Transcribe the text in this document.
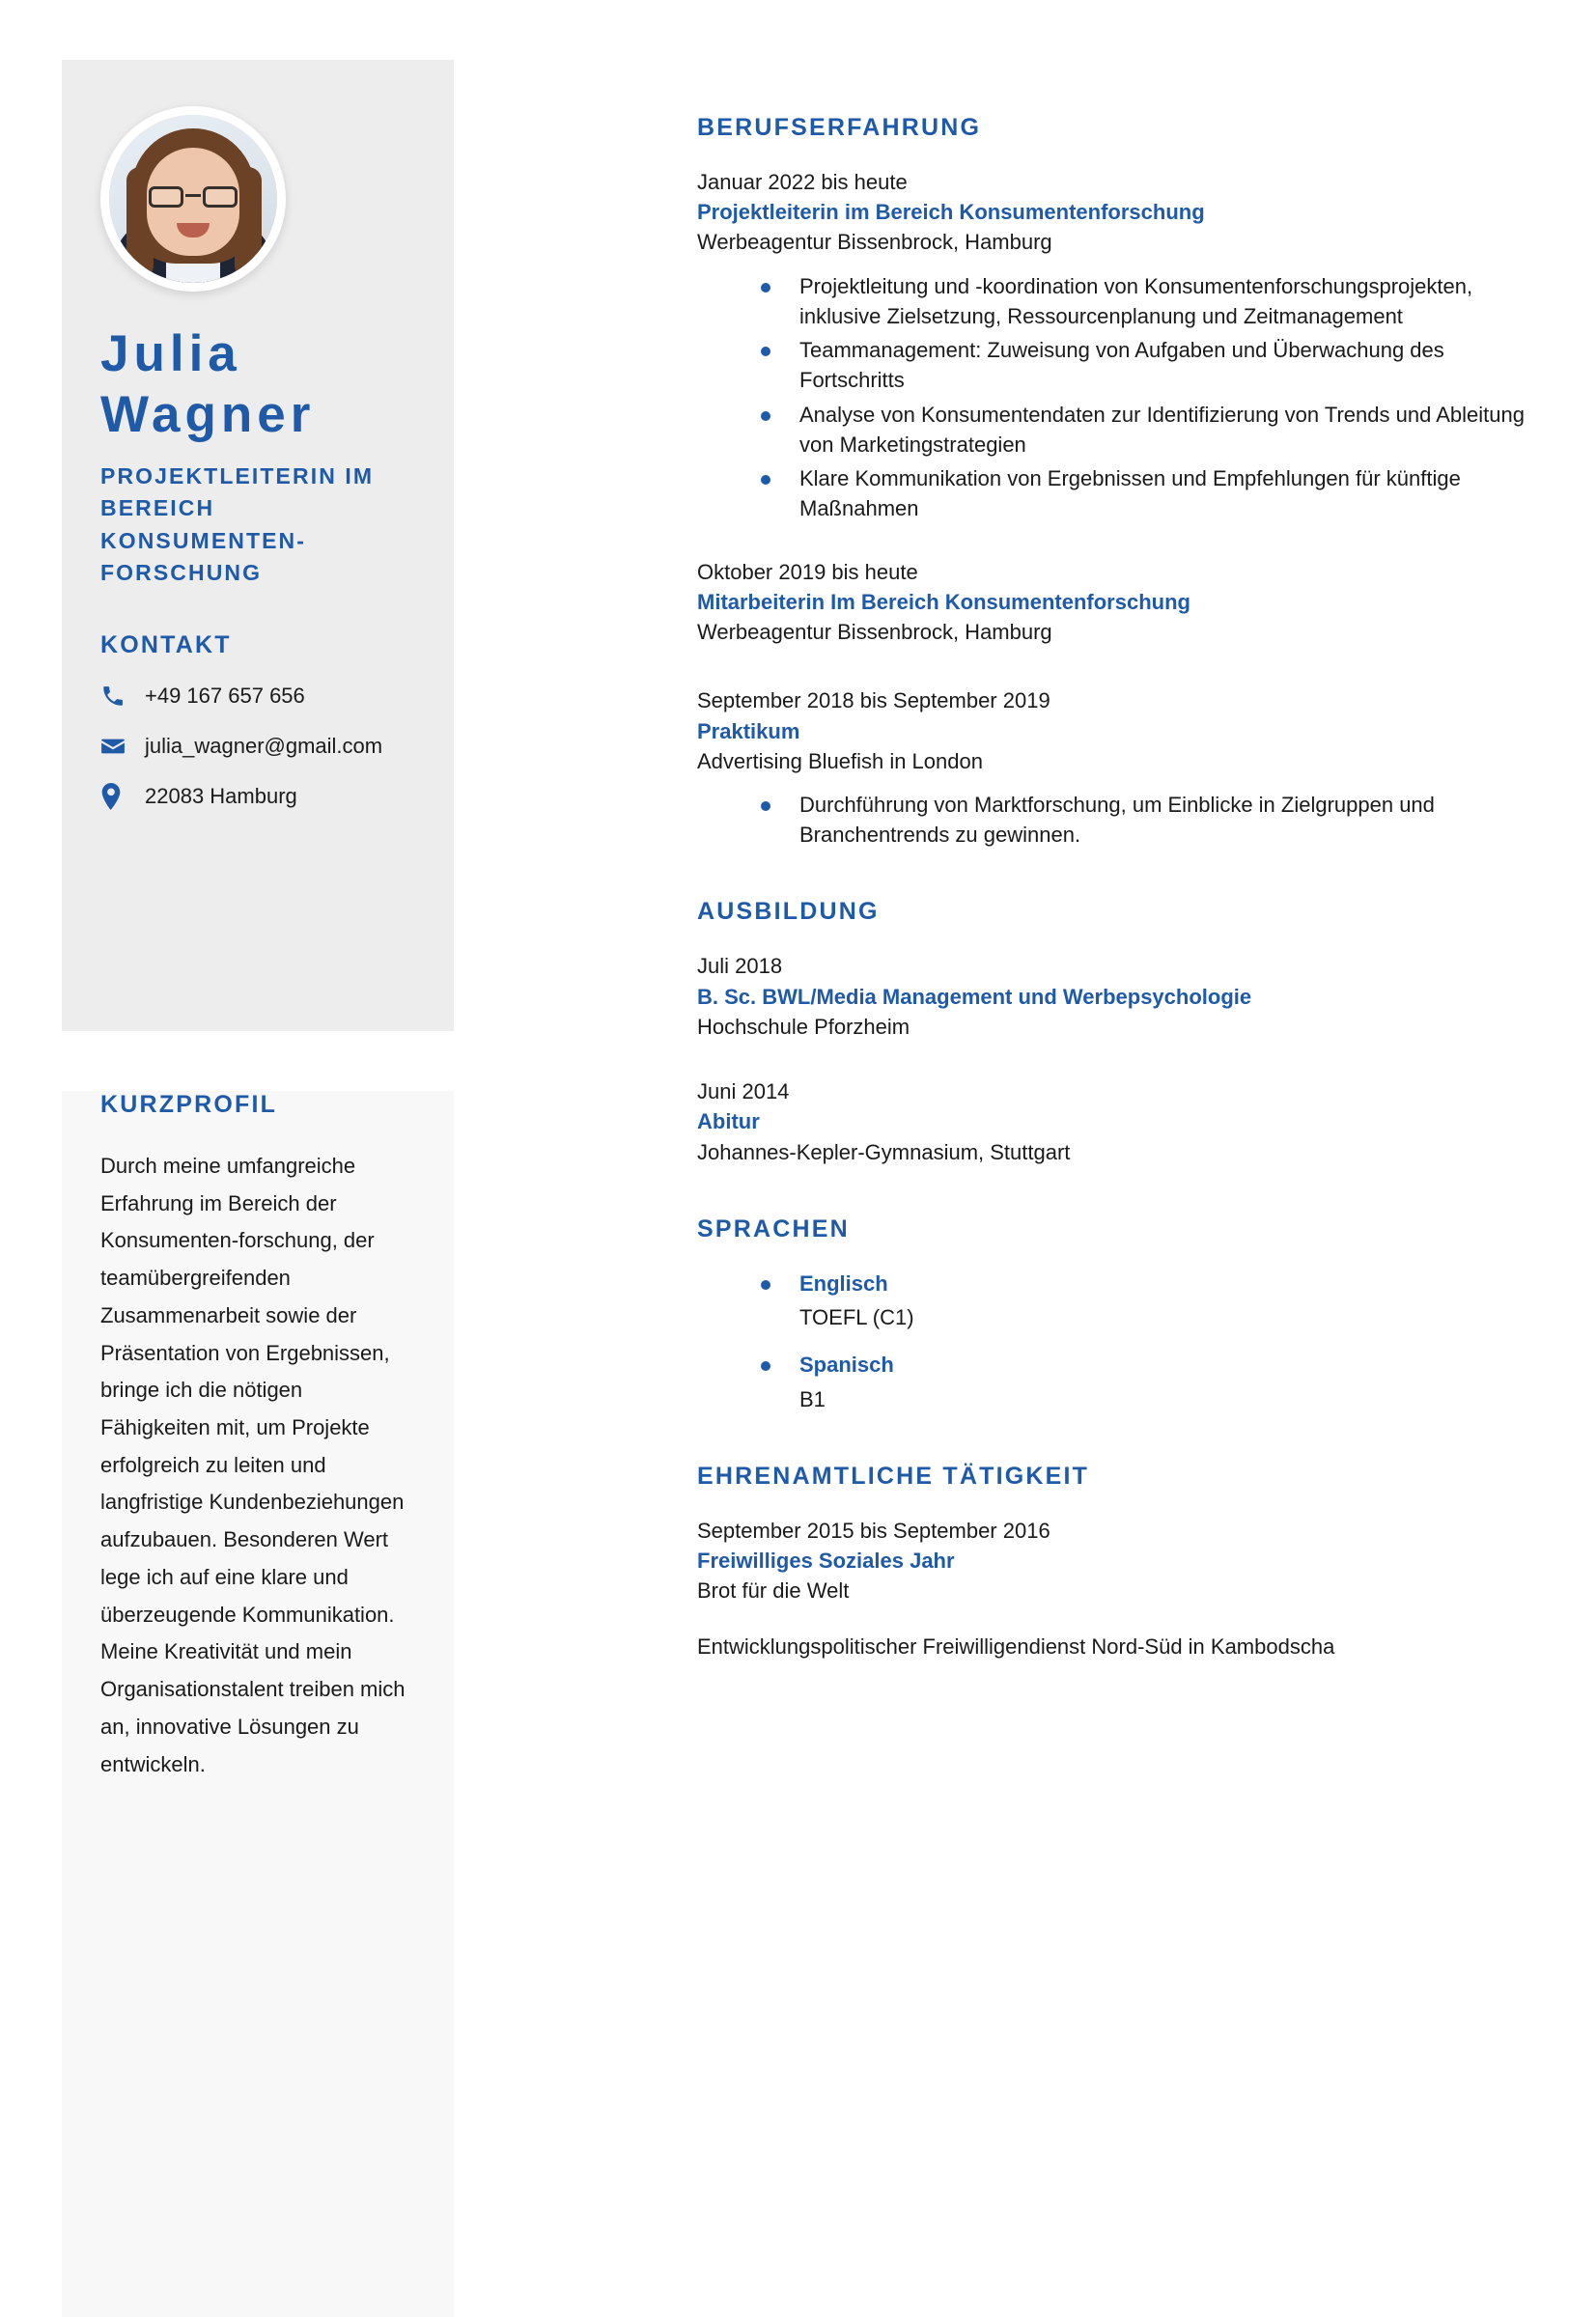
Julia
Wagner
PROJEKTLEITERIN IM BEREICH KONSUMENTEN-FORSCHUNG
KONTAKT
+49 167 657 656
julia_wagner@gmail.com
22083 Hamburg
KURZPROFIL

Durch meine umfangreiche Erfahrung im Bereich der Konsumenten-forschung, der teamübergreifenden Zusammenarbeit sowie der Präsentation von Ergebnissen, bringe ich die nötigen Fähigkeiten mit, um Projekte erfolgreich zu leiten und langfristige Kundenbeziehungen aufzubauen. Besonderen Wert lege ich auf eine klare und überzeugende Kommunikation. Meine Kreativität und mein Organisationstalent treiben mich an, innovative Lösungen zu entwickeln.

BERUFSERFAHRUNG
Januar 2022 bis heute
Projektleiterin im Bereich Konsumentenforschung
Werbeagentur Bissenbrock, Hamburg
Projektleitung und -koordination von Konsumentenforschungsprojekten, inklusive Zielsetzung, Ressourcenplanung und Zeitmanagement
Teammanagement: Zuweisung von Aufgaben und Überwachung des Fortschritts
Analyse von Konsumentendaten zur Identifizierung von Trends und Ableitung von Marketingstrategien
Klare Kommunikation von Ergebnissen und Empfehlungen für künftige Maßnahmen
Oktober 2019 bis heute
Mitarbeiterin Im Bereich Konsumentenforschung
Werbeagentur Bissenbrock, Hamburg
September 2018 bis September 2019
Praktikum
Advertising Bluefish in London
Durchführung von Marktforschung, um Einblicke in Zielgruppen und Branchentrends zu gewinnen.
AUSBILDUNG
Juli 2018
B. Sc. BWL/Media Management und Werbepsychologie
Hochschule Pforzheim
Juni 2014
Abitur
Johannes-Kepler-Gymnasium, Stuttgart
SPRACHEN
Englisch
TOEFL (C1)
Spanisch
B1
EHRENAMTLICHE TÄTIGKEIT
September 2015 bis September 2016
Freiwilliges Soziales Jahr
Brot für die Welt

Entwicklungspolitischer Freiwilligendienst Nord-Süd in Kambodscha
